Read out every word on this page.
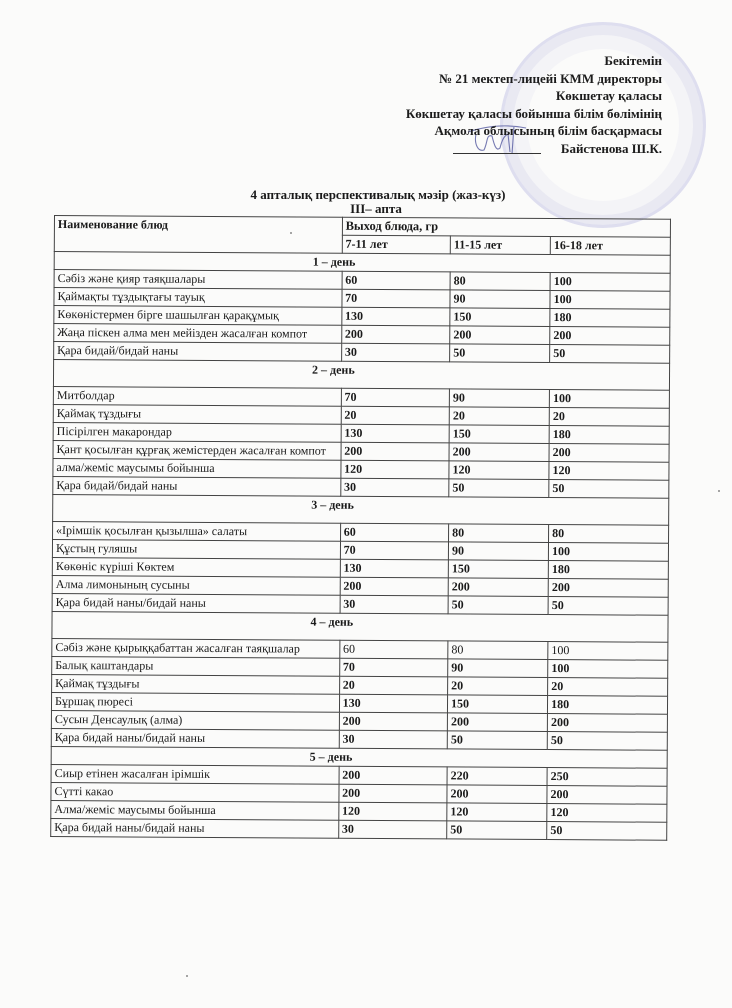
Бекітемін
№ 21 мектеп-лицейі КММ директоры
Көкшетау қаласы
Көкшетау қаласы бойынша білім бөлімінің
Ақмола облысының білім басқармасы
Байстенова Ш.К.
4 апталық перспективалық мәзір (жаз-күз)
ІІІ– апта
Наименование блюд	Выход блюда, гр		
	7-11 лет	11-15 лет	16-18 лет
1 – день			
Сәбіз және қияр таяқшалары	60	80	100
Қаймақты тұздықтағы тауық	70	90	100
Көкөністермен бірге шашылған қарақұмық	130	150	180
Жаңа піскен алма мен мейізден жасалған компот	200	200	200
Қара бидай/бидай наны	30	50	50
2 – день			
Митболдар	70	90	100
Қаймақ тұздығы	20	20	20
Пісірілген макарондар	130	150	180
Қант қосылған құрғақ жемістерден жасалған компот	200	200	200
алма/жеміс маусымы бойынша	120	120	120
Қара бидай/бидай наны	30	50	50
3 – день			
«Ірімшік қосылған қызылша» салаты	60	80	80
Құстың гуляшы	70	90	100
Көкөніс күріші Көктем	130	150	180
Алма лимонының сусыны	200	200	200
Қара бидай наны/бидай наны	30	50	50
4 – день			
Сәбіз және қырыққабаттан жасалған таяқшалар	60	80	100
Балық каштандары	70	90	100
Қаймақ тұздығы	20	20	20
Бұршақ пюресі	130	150	180
Сусын Денсаулық (алма)	200	200	200
Қара бидай наны/бидай наны	30	50	50
5 – день			
Сиыр етінен жасалған ірімшік	200	220	250
Сүтті какао	200	200	200
Алма/жеміс маусымы бойынша	120	120	120
Қара бидай наны/бидай наны	30	50	50
